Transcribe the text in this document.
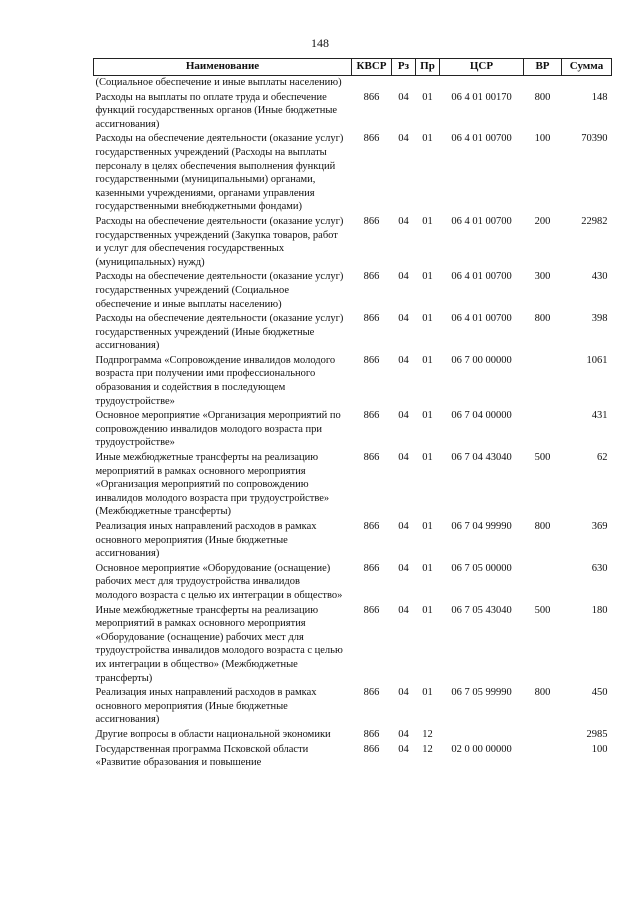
148
Наименование	КВСР	Рз	Пр	ЦСР	ВР	Сумма
(Социальное обеспечение и иные выплаты населению)						
Расходы на выплаты по оплате труда и обеспечение функций государственных органов (Иные бюджетные ассигнования)	866	04	01	06 4 01 00170	800	148
Расходы на обеспечение деятельности (оказание услуг) государственных учреждений (Расходы на выплаты персоналу в целях обеспечения выполнения функций государственными (муниципальными) органами, казенными учреждениями, органами управления государственными внебюджетными фондами)	866	04	01	06 4 01 00700	100	70390
Расходы на обеспечение деятельности (оказание услуг) государственных учреждений (Закупка товаров, работ и услуг для обеспечения государственных (муниципальных) нужд)	866	04	01	06 4 01 00700	200	22982
Расходы на обеспечение деятельности (оказание услуг) государственных учреждений (Социальное обеспечение и иные выплаты населению)	866	04	01	06 4 01 00700	300	430
Расходы на обеспечение деятельности (оказание услуг) государственных учреждений (Иные бюджетные ассигнования)	866	04	01	06 4 01 00700	800	398
Подпрограмма «Сопровождение инвалидов молодого возраста при получении ими профессионального образования и содействия в последующем трудоустройстве»	866	04	01	06 7 00 00000		1061
Основное мероприятие «Организация мероприятий по сопровождению инвалидов молодого возраста при трудоустройстве»	866	04	01	06 7 04 00000		431
Иные межбюджетные трансферты на реализацию мероприятий в рамках основного мероприятия «Организация мероприятий по сопровождению инвалидов молодого возраста при трудоустройстве» (Межбюджетные трансферты)	866	04	01	06 7 04 43040	500	62
Реализация иных направлений расходов в рамках основного мероприятия (Иные бюджетные ассигнования)	866	04	01	06 7 04 99990	800	369
Основное мероприятие «Оборудование (оснащение) рабочих мест для трудоустройства инвалидов молодого возраста с целью их интеграции в общество»	866	04	01	06 7 05 00000		630
Иные межбюджетные трансферты на реализацию мероприятий в рамках основного мероприятия «Оборудование (оснащение) рабочих мест для трудоустройства инвалидов молодого возраста с целью их интеграции в общество» (Межбюджетные трансферты)	866	04	01	06 7 05 43040	500	180
Реализация иных направлений расходов в рамках основного мероприятия (Иные бюджетные ассигнования)	866	04	01	06 7 05 99990	800	450
Другие вопросы в области национальной экономики	866	04	12			2985
Государственная программа Псковской области «Развитие образования и повышение	866	04	12	02 0 00 00000		100
